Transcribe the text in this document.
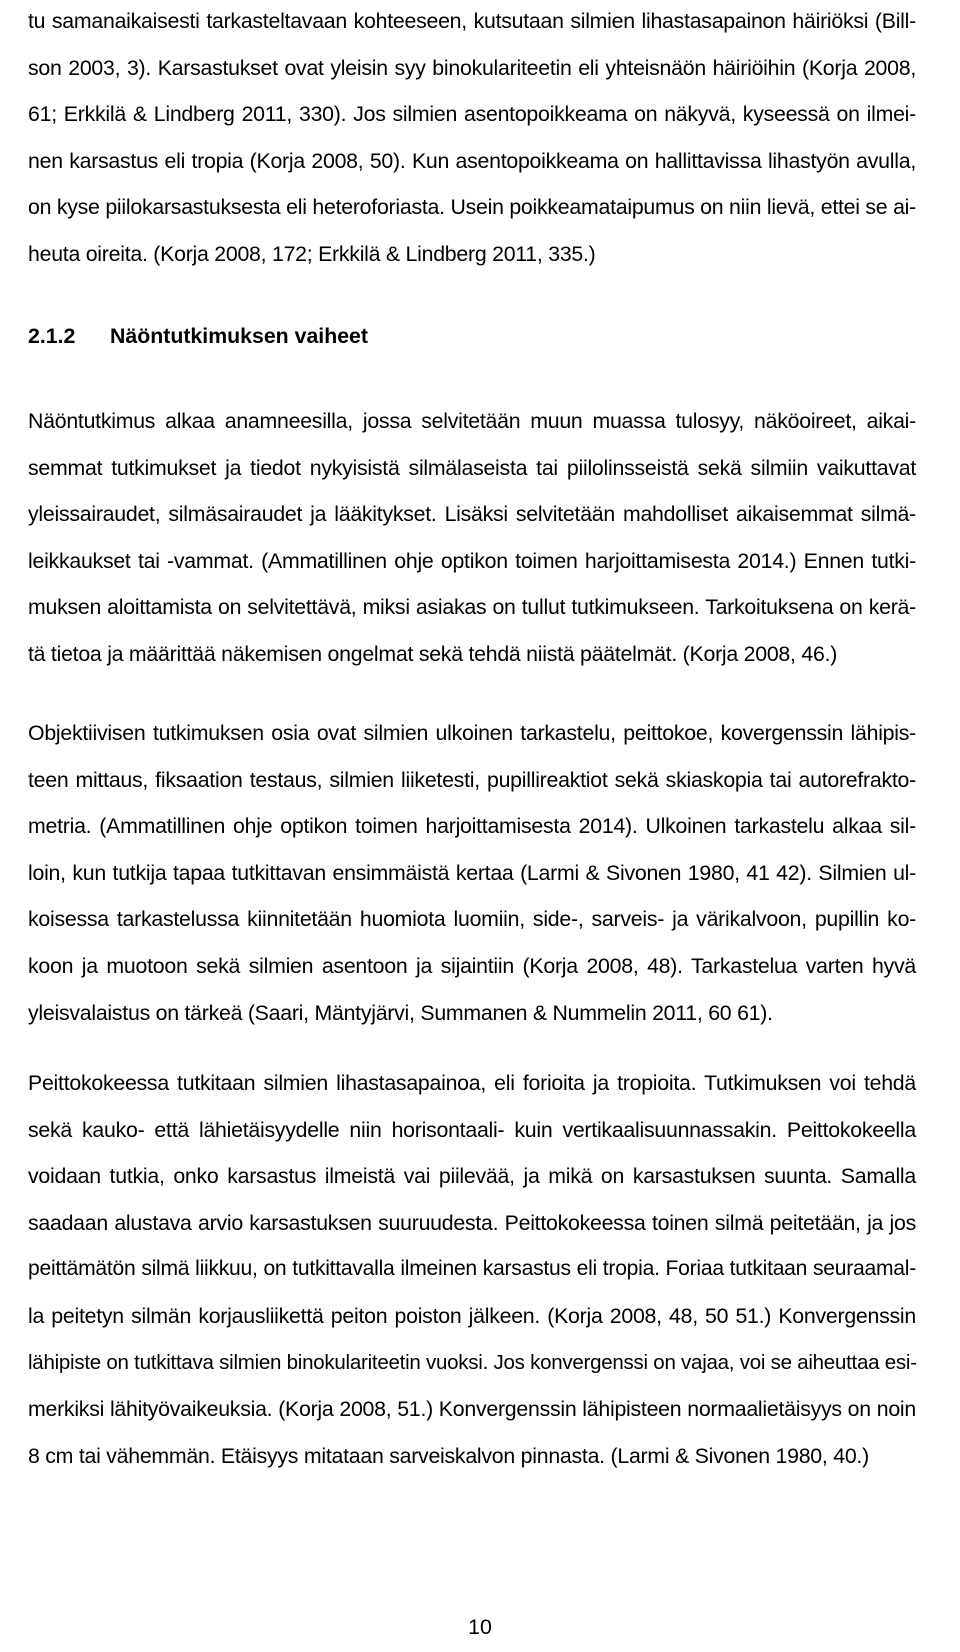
tu samanaikaisesti tarkasteltavaan kohteeseen, kutsutaan silmien lihastasapainon häiriöksi (Bill-
son 2003, 3). Karsastukset ovat yleisin syy binokulariteetin eli yhteisnäön häiriöihin (Korja 2008,
61; Erkkilä & Lindberg 2011, 330). Jos silmien asentopoikkeama on näkyvä, kyseessä on ilmei-
nen karsastus eli tropia (Korja 2008, 50). Kun asentopoikkeama on hallittavissa lihastyön avulla,
on kyse piilokarsastuksesta eli heteroforiasta. Usein poikkeamataipumus on niin lievä, ettei se ai-
heuta oireita. (Korja 2008, 172; Erkkilä & Lindberg 2011, 335.)
2.1.2 Näöntutkimuksen vaiheet
Näöntutkimus alkaa anamneesilla, jossa selvitetään muun muassa tulosyy, näköoireet, aikai-
semmat tutkimukset ja tiedot nykyisistä silmälaseista tai piilolinsseistä sekä silmiin vaikuttavat
yleissairaudet, silmäsairaudet ja lääkitykset. Lisäksi selvitetään mahdolliset aikaisemmat silmä-
leikkaukset tai -vammat. (Ammatillinen ohje optikon toimen harjoittamisesta 2014.) Ennen tutki-
muksen aloittamista on selvitettävä, miksi asiakas on tullut tutkimukseen. Tarkoituksena on kerä-
tä tietoa ja määrittää näkemisen ongelmat sekä tehdä niistä päätelmät. (Korja 2008, 46.)
Objektiivisen tutkimuksen osia ovat silmien ulkoinen tarkastelu, peittokoe, kovergenssin lähipis-
teen mittaus, fiksaation testaus, silmien liiketesti, pupillireaktiot sekä skiaskopia tai autorefrakto-
metria. (Ammatillinen ohje optikon toimen harjoittamisesta 2014). Ulkoinen tarkastelu alkaa sil-
loin, kun tutkija tapaa tutkittavan ensimmäistä kertaa (Larmi & Sivonen 1980, 41 42). Silmien ul-
koisessa tarkastelussa kiinnitetään huomiota luomiin, side-, sarveis- ja värikalvoon, pupillin ko-
koon ja muotoon sekä silmien asentoon ja sijaintiin (Korja 2008, 48). Tarkastelua varten hyvä
yleisvalaistus on tärkeä (Saari, Mäntyjärvi, Summanen & Nummelin 2011, 60 61).
Peittokokeessa tutkitaan silmien lihastasapainoa, eli forioita ja tropioita. Tutkimuksen voi tehdä
sekä kauko- että lähietäisyydelle niin horisontaali- kuin vertikaalisuunnassakin. Peittokokeella
voidaan tutkia, onko karsastus ilmeistä vai piilevää, ja mikä on karsastuksen suunta. Samalla
saadaan alustava arvio karsastuksen suuruudesta. Peittokokeessa toinen silmä peitetään, ja jos
peittämätön silmä liikkuu, on tutkittavalla ilmeinen karsastus eli tropia. Foriaa tutkitaan seuraamal-
la peitetyn silmän korjausliikettä peiton poiston jälkeen. (Korja 2008, 48, 50 51.) Konvergenssin
lähipiste on tutkittava silmien binokulariteetin vuoksi. Jos konvergenssi on vajaa, voi se aiheuttaa esi-
merkiksi lähityövaikeuksia. (Korja 2008, 51.) Konvergenssin lähipisteen normaalietäisyys on noin
8 cm tai vähemmän. Etäisyys mitataan sarveiskalvon pinnasta. (Larmi & Sivonen 1980, 40.)
10
